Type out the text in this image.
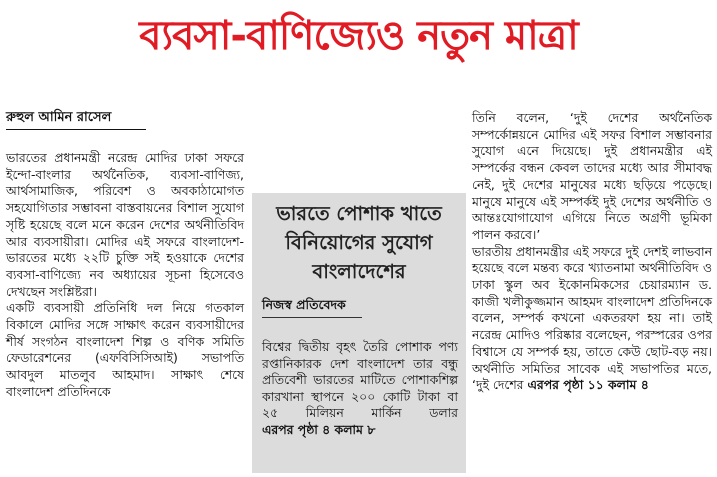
ব্যবসা-বাণিজ্যেও নতুন মাত্রা
রুহুল আমিন রাসেল

ভারতের প্রধানমন্ত্রী নরেন্দ্র মোদির ঢাকা সফরে ইন্দো-বাংলার অর্থনৈতিক, ব্যবসা-বাণিজ্য, আর্থসামাজিক, পরিবেশ ও অবকাঠামোগত সহযোগিতার সম্ভাবনা বাস্তবায়নের বিশাল সুযোগ সৃষ্টি হয়েছে বলে মনে করেন দেশের অর্থনীতিবিদ আর ব্যবসায়ীরা। মোদির এই সফরে বাংলাদেশ-ভারতের মধ্যে ২২টি চুক্তি সই হওয়াকে দেশের ব্যবসা-বাণিজ্যে নব অধ্যায়ের সূচনা হিসেবেও দেখছেন সংশ্লিষ্টরা।

একটি ব্যবসায়ী প্রতিনিধি দল নিয়ে গতকাল বিকালে মোদির সঙ্গে সাক্ষাৎ করেন ব্যবসায়ীদের শীর্ষ সংগঠন বাংলাদেশ শিল্প ও বণিক সমিতি ফেডারেশনের (এফবিসিসিআই) সভাপতি আবদুল মাতলুব আহমাদ। সাক্ষাৎ শেষে বাংলাদেশ প্রতিদিনকে

ভারতে পোশাক খাতে
বিনিয়োগের সুযোগ
বাংলাদেশের
নিজস্ব প্রতিবেদক
বিশ্বের দ্বিতীয় বৃহৎ তৈরি পোশাক পণ্য রপ্তানিকারক দেশ বাংলাদেশ তার বন্ধু প্রতিবেশী ভারতের মাটিতে পোশাকশিল্প কারখানা স্থাপনে ২০০ কোটি টাকা বা ২৫ মিলিয়ন মার্কিন ডলার এরপর পৃষ্ঠা ৪ কলাম ৮

তিনি বলেন, ‘দুই দেশের অর্থনৈতিক সম্পর্কোন্নয়নে মোদির এই সফর বিশাল সম্ভাবনার সুযোগ এনে দিয়েছে। দুই প্রধানমন্ত্রীর এই সম্পর্কের বন্ধন কেবল তাদের মধ্যে আর সীমাবদ্ধ নেই, দুই দেশের মানুষের মধ্যে ছড়িয়ে পড়েছে। মানুষে মানুষে এই সম্পর্কই দুই দেশের অর্থনীতি ও আন্তঃযোগাযোগ এগিয়ে নিতে অগ্রণী ভূমিকা পালন করবে।’

ভারতীয় প্রধানমন্ত্রীর এই সফরে দুই দেশই লাভবান হয়েছে বলে মন্তব্য করে খ্যাতনামা অর্থনীতিবিদ ও ঢাকা স্কুল অব ইকোনমিকসের চেয়ারম্যান ড. কাজী খলীকুজ্জমান আহমদ বাংলাদেশ প্রতিদিনকে বলেন, সম্পর্ক কখনো একতরফা হয় না। তাই নরেন্দ্র মোদিও পরিষ্কার বলেছেন, পরস্পরের ওপর বিশ্বাসে যে সম্পর্ক হয়, তাতে কেউ ছোট-বড় নয়। অর্থনীতি সমিতির সাবেক এই সভাপতির মতে, ‘দুই দেশের এরপর পৃষ্ঠা ১১ কলাম ৪
